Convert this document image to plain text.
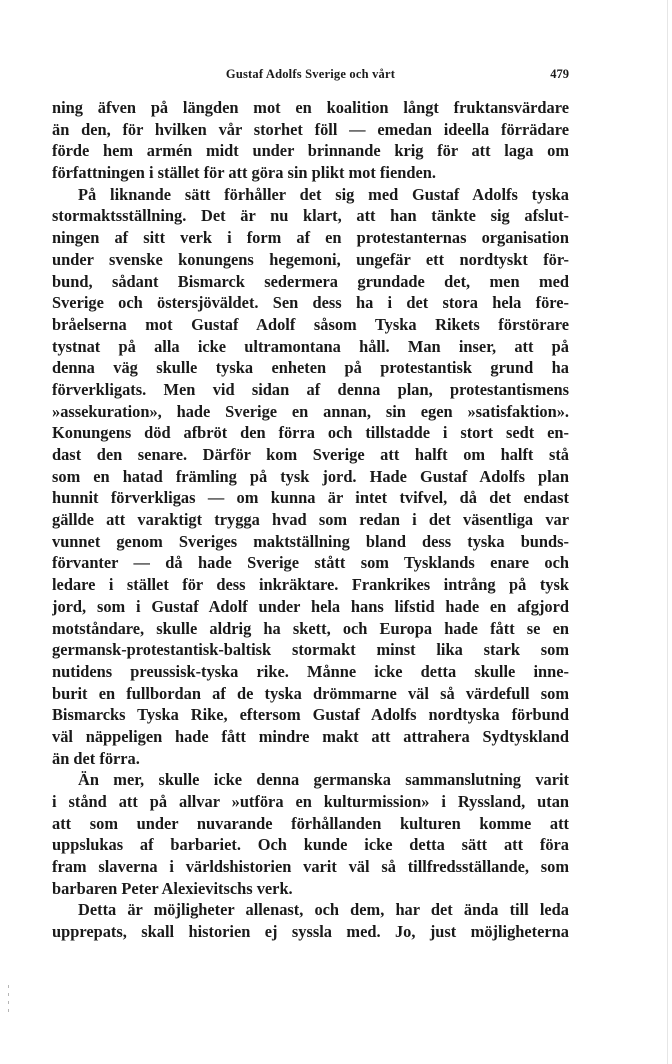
Gustaf Adolfs Sverige och vårt	479
ning äfven på längden mot en koalition långt fruktansvärdare
än den, för hvilken vår storhet föll — emedan ideella förrädare
förde hem armén midt under brinnande krig för att laga om
författningen i stället för att göra sin plikt mot fienden.
På liknande sätt förhåller det sig med Gustaf Adolfs tyska
stormaktsställning. Det är nu klart, att han tänkte sig afslut-
ningen af sitt verk i form af en protestanternas organisation
under svenske konungens hegemoni, ungefär ett nordtyskt för-
bund, sådant Bismarck sedermera grundade det, men med
Sverige och östersjöväldet. Sen dess ha i det stora hela före-
bråelserna mot Gustaf Adolf såsom Tyska Rikets förstörare
tystnat på alla icke ultramontana håll. Man inser, att på
denna väg skulle tyska enheten på protestantisk grund ha
förverkligats. Men vid sidan af denna plan, protestantismens
»assekuration», hade Sverige en annan, sin egen »satisfaktion».
Konungens död afbröt den förra och tillstadde i stort sedt en-
dast den senare. Därför kom Sverige att halft om halft stå
som en hatad främling på tysk jord. Hade Gustaf Adolfs plan
hunnit förverkligas — om kunna är intet tvifvel, då det endast
gällde att varaktigt trygga hvad som redan i det väsentliga var
vunnet genom Sveriges maktställning bland dess tyska bunds-
förvanter — då hade Sverige stått som Tysklands enare och
ledare i stället för dess inkräktare. Frankrikes intrång på tysk
jord, som i Gustaf Adolf under hela hans lifstid hade en afgjord
motståndare, skulle aldrig ha skett, och Europa hade fått se en
germansk-protestantisk-baltisk stormakt minst lika stark som
nutidens preussisk-tyska rike. Månne icke detta skulle inne-
burit en fullbordan af de tyska drömmarne väl så värdefull som
Bismarcks Tyska Rike, eftersom Gustaf Adolfs nordtyska förbund
väl näppeligen hade fått mindre makt att attrahera Sydtyskland
än det förra.
Än mer, skulle icke denna germanska sammanslutning varit
i stånd att på allvar »utföra en kulturmission» i Ryssland, utan
att som under nuvarande förhållanden kulturen komme att
uppslukas af barbariet. Och kunde icke detta sätt att föra
fram slaverna i världshistorien varit väl så tillfredsställande, som
barbaren Peter Alexievitschs verk.
Detta är möjligheter allenast, och dem, har det ända till leda
upprepats, skall historien ej syssla med. Jo, just möjligheterna
